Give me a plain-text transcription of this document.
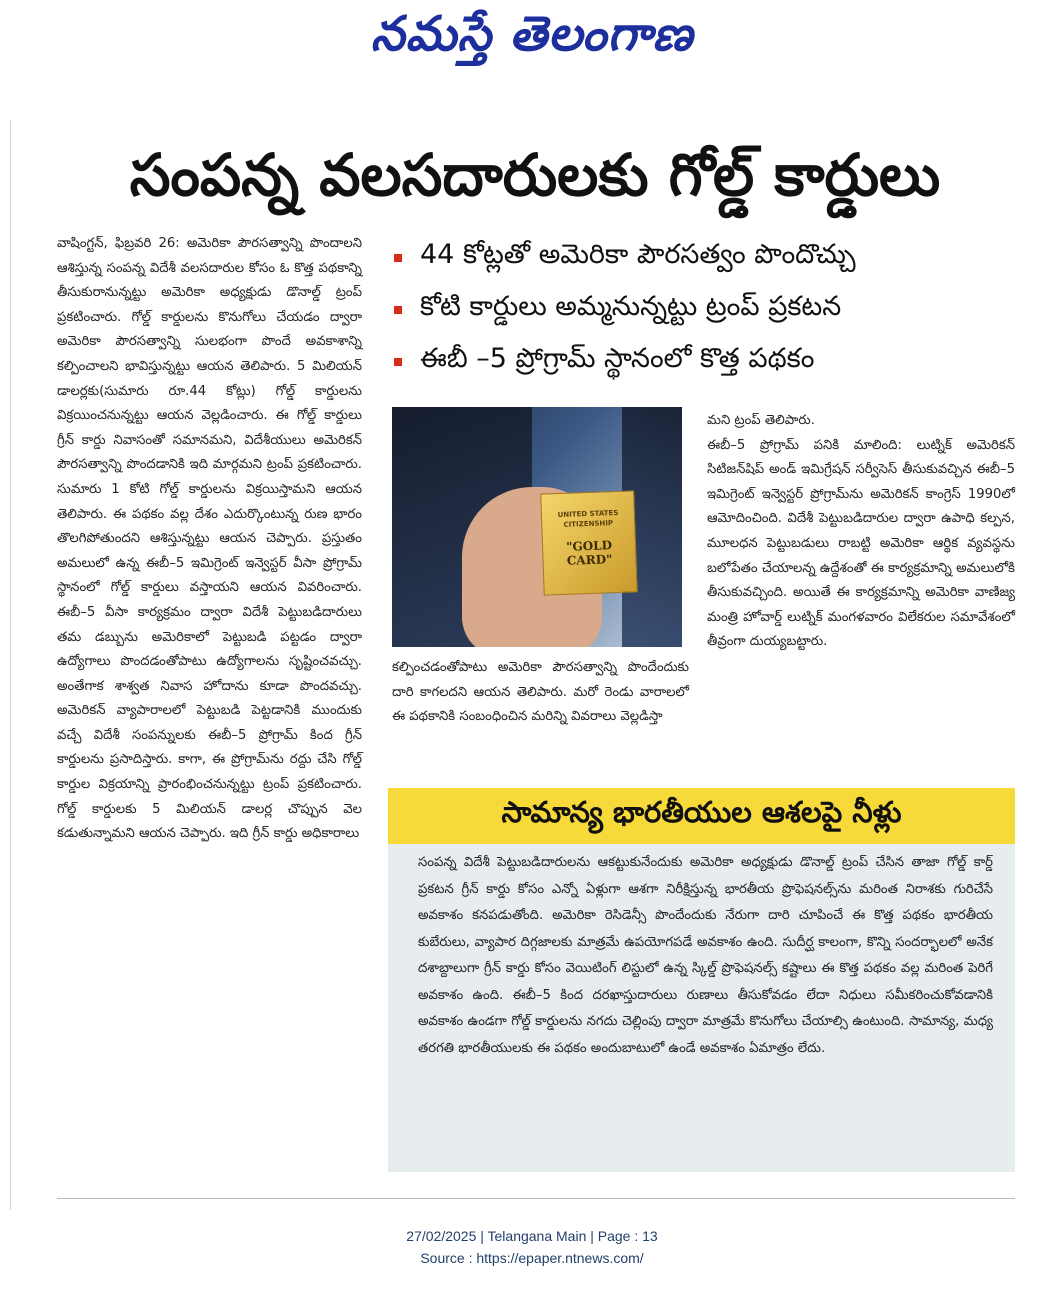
నమస్తే తెలంగాణ
సంపన్న వలసదారులకు గోల్డ్ కార్డులు

వాషింగ్టన్, ఫిబ్రవరి 26: అమెరికా పౌరసత్వాన్ని పొందాలని ఆశిస్తున్న సంపన్న విదేశీ వలసదారుల కోసం ఓ కొత్త పథకాన్ని తీసుకురానున్నట్టు అమెరికా అధ్యక్షుడు డొనాల్డ్ ట్రంప్ ప్రకటించారు. గోల్డ్ కార్డులను కొనుగోలు చేయడం ద్వారా అమెరికా పౌరసత్వాన్ని సులభంగా పొందే అవకాశాన్ని కల్పించాలని భావిస్తున్నట్టు ఆయన తెలిపారు. 5 మిలియన్ డాలర్లకు(సుమారు రూ.44 కోట్లు) గోల్డ్ కార్డులను విక్రయించనున్నట్టు ఆయన వెల్లడించారు. ఈ గోల్డ్ కార్డులు గ్రీన్ కార్డు నివాసంతో సమానమని, విదేశీయులు అమెరికన్ పౌరసత్వాన్ని పొందడానికి ఇది మార్గమని ట్రంప్ ప్రకటించారు. సుమారు 1 కోటి గోల్డ్ కార్డులను విక్రయిస్తామని ఆయన తెలిపారు. ఈ పథకం వల్ల దేశం ఎదుర్కొంటున్న రుణ భారం తొలగిపోతుందని ఆశిస్తున్నట్టు ఆయన చెప్పారు. ప్రస్తుతం అమలులో ఉన్న ఈబీ–5 ఇమిగ్రెంట్ ఇన్వెస్టర్ వీసా ప్రోగ్రామ్ స్థానంలో గోల్డ్ కార్డులు వస్తాయని ఆయన వివరించారు. ఈబీ–5 వీసా కార్యక్రమం ద్వారా విదేశీ పెట్టుబడిదారులు తమ డబ్బును అమెరికాలో పెట్టుబడి పట్టడం ద్వారా ఉద్యోగాలు పొందడంతోపాటు ఉద్యోగాలను సృష్టించవచ్చు. అంతేగాక శాశ్వత నివాస హోదాను కూడా పొందవచ్చు. అమెరికన్ వ్యాపారాలలో పెట్టుబడి పెట్టడానికి ముందుకు వచ్చే విదేశీ సంపన్నులకు ఈబీ–5 ప్రోగ్రామ్ కింద గ్రీన్ కార్డులను ప్రసాదిస్తారు. కాగా, ఈ ప్రోగ్రామ్‌ను రద్దు చేసి గోల్డ్ కార్డుల విక్రయాన్ని ప్రారంభించనున్నట్టు ట్రంప్ ప్రకటించారు. గోల్డ్ కార్డులకు 5 మిలియన్ డాలర్ల చొప్పున వెల కడుతున్నామని ఆయన చెప్పారు. ఇది గ్రీన్ కార్డు అధికారాలు

44 కోట్లతో అమెరికా పౌరసత్వం పొందొచ్చు
కోటి కార్డులు అమ్మనున్నట్టు ట్రంప్ ప్రకటన
ఈబీ –5 ప్రోగ్రామ్ స్థానంలో కొత్త పథకం
UNITED STATES CITIZENSHIP
"GOLD CARD"

కల్పించడంతోపాటు అమెరికా పౌరసత్వాన్ని పొందేందుకు దారి కాగలదని ఆయన తెలిపారు. మరో రెండు వారాలలో ఈ పథకానికి సంబంధించిన మరిన్ని వివరాలు వెల్లడిస్తా

మని ట్రంప్ తెలిపారు.

ఈబీ–5 ప్రోగ్రామ్ పనికి మాలింది: లుట్నిక్ అమెరికన్ సిటిజన్‌షిప్ అండ్ ఇమిగ్రేషన్ సర్వీసెస్ తీసుకువచ్చిన ఈబీ–5 ఇమిగ్రెంట్ ఇన్వెస్టర్ ప్రోగ్రామ్‌ను అమెరికన్ కాంగ్రెస్ 1990లో ఆమోదించింది. విదేశీ పెట్టుబడిదారుల ద్వారా ఉపాధి కల్పన, మూలధన పెట్టుబడులు రాబట్టి అమెరికా ఆర్థిక వ్యవస్థను బలోపేతం చేయాలన్న ఉద్దేశంతో ఈ కార్యక్రమాన్ని అమలులోకి తీసుకువచ్చింది. అయితే ఈ కార్యక్రమాన్ని అమెరికా వాణిజ్య మంత్రి హోవార్డ్ లుట్నిక్ మంగళవారం విలేకరుల సమావేశంలో తీవ్రంగా దుయ్యబట్టారు.

సామాన్య భారతీయుల ఆశలపై నీళ్లు

సంపన్న విదేశీ పెట్టుబడిదారులను ఆకట్టుకునేందుకు అమెరికా అధ్యక్షుడు డొనాల్డ్ ట్రంప్ చేసిన తాజా గోల్డ్ కార్డ్ ప్రకటన గ్రీన్ కార్డు కోసం ఎన్నో ఏళ్లుగా ఆశగా నిరీక్షిస్తున్న భారతీయ ప్రొఫెషనల్స్‌ను మరింత నిరాశకు గురిచేసే అవకాశం కనపడుతోంది. అమెరికా రెసిడెన్సీ పొందేందుకు నేరుగా దారి చూపించే ఈ కొత్త పథకం భారతీయ కుబేరులు, వ్యాపార దిగ్గజాలకు మాత్రమే ఉపయోగపడే అవకాశం ఉంది. సుదీర్ఘ కాలంగా, కొన్ని సందర్భాలలో అనేక దశాబ్దాలుగా గ్రీన్ కార్డు కోసం వెయిటింగ్ లిస్టులో ఉన్న స్కిల్డ్ ప్రొఫెషనల్స్ కష్టాలు ఈ కొత్త పథకం వల్ల మరింత పెరిగే అవకాశం ఉంది. ఈబీ–5 కింద దరఖాస్తుదారులు రుణాలు తీసుకోవడం లేదా నిధులు సమీకరించుకోవడానికి అవకాశం ఉండగా గోల్డ్ కార్డులను నగదు చెల్లింపు ద్వారా మాత్రమే కొనుగోలు చేయాల్సి ఉంటుంది. సామాన్య, మధ్య తరగతి భారతీయులకు ఈ పథకం అందుబాటులో ఉండే అవకాశం ఏమాత్రం లేదు.

27/02/2025 | Telangana Main | Page : 13
Source : https://epaper.ntnews.com/
